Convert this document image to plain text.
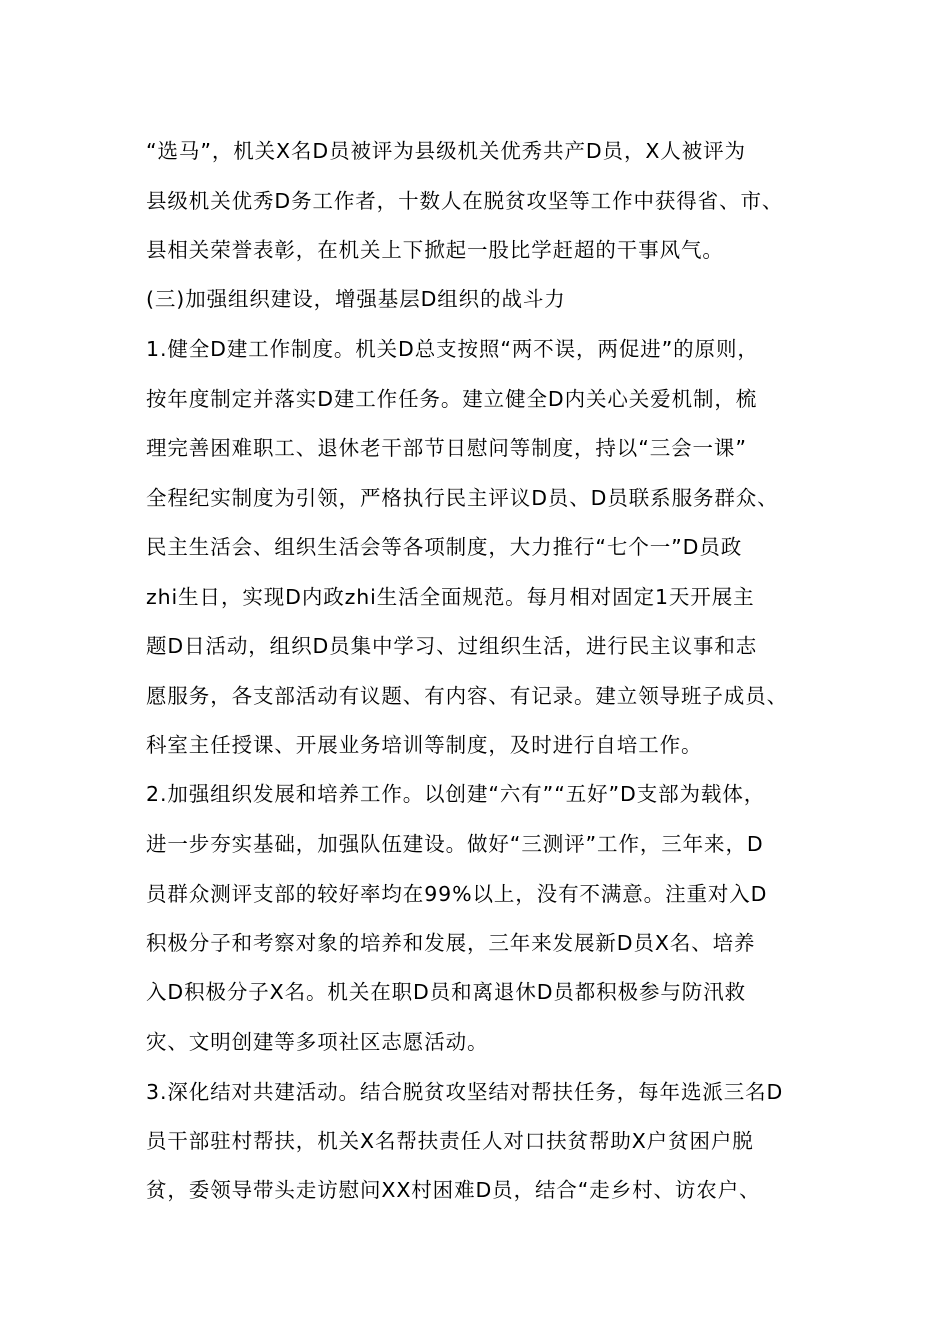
“选马”，机关X名D员被评为县级机关优秀共产D员，X人被评为
县级机关优秀D务工作者，十数人在脱贫攻坚等工作中获得省、市、
县相关荣誉表彰，在机关上下掀起一股比学赶超的干事风气。
(三)加强组织建设，增强基层D组织的战斗力
1.健全D建工作制度。机关D总支按照“两不误，两促进”的原则，
按年度制定并落实D建工作任务。建立健全D内关心关爱机制，梳
理完善困难职工、退休老干部节日慰问等制度，持以“三会一课”
全程纪实制度为引领，严格执行民主评议D员、D员联系服务群众、
民主生活会、组织生活会等各项制度，大力推行“七个一”D员政
zhi生日，实现D内政zhi生活全面规范。每月相对固定1天开展主
题D日活动，组织D员集中学习、过组织生活，进行民主议事和志
愿服务，各支部活动有议题、有内容、有记录。建立领导班子成员、
科室主任授课、开展业务培训等制度，及时进行自培工作。
2.加强组织发展和培养工作。以创建“六有”“五好”D支部为载体，
进一步夯实基础，加强队伍建设。做好“三测评”工作，三年来，D
员群众测评支部的较好率均在99%以上，没有不满意。注重对入D
积极分子和考察对象的培养和发展，三年来发展新D员X名、培养
入D积极分子X名。机关在职D员和离退休D员都积极参与防汛救
灾、文明创建等多项社区志愿活动。
3.深化结对共建活动。结合脱贫攻坚结对帮扶任务，每年选派三名D
员干部驻村帮扶，机关X名帮扶责任人对口扶贫帮助X户贫困户脱
贫，委领导带头走访慰问XX村困难D员，结合“走乡村、访农户、
